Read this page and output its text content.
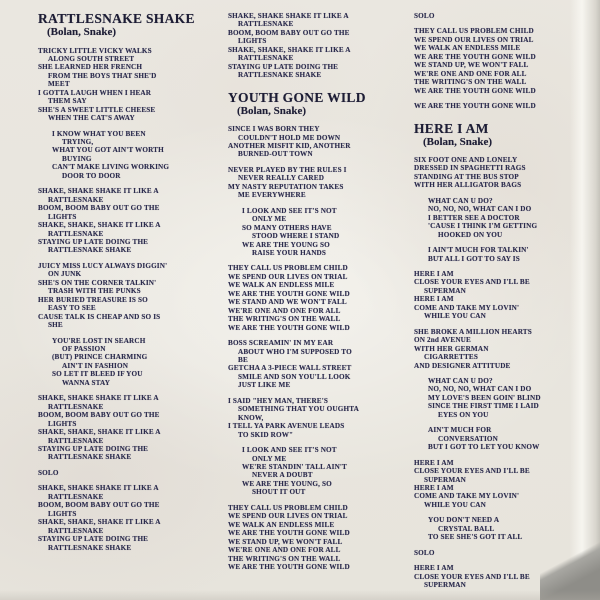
RATTLESNAKE SHAKE
(Bolan, Snake)
TRICKY LITTLE VICKY WALKS
ALONG SOUTH STREET
SHE LEARNED HER FRENCH
FROM THE BOYS THAT SHE'D
MEET
I GOTTA LAUGH WHEN I HEAR
THEM SAY
SHE'S A SWEET LITTLE CHEESE
WHEN THE CAT'S AWAY
I KNOW WHAT YOU BEEN
TRYING,
WHAT YOU GOT AIN'T WORTH
BUYING
CAN'T MAKE LIVING WORKING
DOOR TO DOOR
SHAKE, SHAKE SHAKE IT LIKE A
RATTLESNAKE
BOOM, BOOM BABY OUT GO THE
LIGHTS
SHAKE, SHAKE, SHAKE IT LIKE A
RATTLESNAKE
STAYING UP LATE DOING THE
RATTLESNAKE SHAKE
JUICY MISS LUCY ALWAYS DIGGIN'
ON JUNK
SHE'S ON THE CORNER TALKIN'
TRASH WITH THE PUNKS
HER BURIED TREASURE IS SO
EASY TO SEE
CAUSE TALK IS CHEAP AND SO IS
SHE
YOU'RE LOST IN SEARCH
OF PASSION
(BUT) PRINCE CHARMING
AIN'T IN FASHION
SO LET IT BLEED IF YOU
WANNA STAY
SHAKE, SHAKE SHAKE IT LIKE A
RATTLESNAKE
BOOM, BOOM BABY OUT GO THE
LIGHTS
SHAKE, SHAKE, SHAKE IT LIKE A
RATTLESNAKE
STAYING UP LATE DOING THE
RATTLESNAKE SHAKE
SOLO
SHAKE, SHAKE SHAKE IT LIKE A
RATTLESNAKE
BOOM, BOOM BABY OUT GO THE
LIGHTS
SHAKE, SHAKE, SHAKE IT LIKE A
RATTLESNAKE
STAYING UP LATE DOING THE
RATTLESNAKE SHAKE
SHAKE, SHAKE SHAKE IT LIKE A
RATTLESNAKE
BOOM, BOOM BABY OUT GO THE
LIGHTS
SHAKE, SHAKE, SHAKE IT LIKE A
RATTLESNAKE
STAYING UP LATE DOING THE
RATTLESNAKE SHAKE
YOUTH GONE WILD
(Bolan, Snake)
SINCE I WAS BORN THEY
COULDN'T HOLD ME DOWN
ANOTHER MISFIT KID, ANOTHER
BURNED-OUT TOWN
NEVER PLAYED BY THE RULES I
NEVER REALLY CARED
MY NASTY REPUTATION TAKES
ME EVERYWHERE
I LOOK AND SEE IT'S NOT
ONLY ME
SO MANY OTHERS HAVE
STOOD WHERE I STAND
WE ARE THE YOUNG SO
RAISE YOUR HANDS
THEY CALL US PROBLEM CHILD
WE SPEND OUR LIVES ON TRIAL
WE WALK AN ENDLESS MILE
WE ARE THE YOUTH GONE WILD
WE STAND AND WE WON'T FALL
WE'RE ONE AND ONE FOR ALL
THE WRITING'S ON THE WALL
WE ARE THE YOUTH GONE WILD
BOSS SCREAMIN' IN MY EAR
ABOUT WHO I'M SUPPOSED TO
BE
GETCHA A 3-PIECE WALL STREET
SMILE AND SON YOU'LL LOOK
JUST LIKE ME
I SAID "HEY MAN, THERE'S
SOMETHING THAT YOU OUGHTA
KNOW,
I TELL YA PARK AVENUE LEADS
TO SKID ROW"
I LOOK AND SEE IT'S NOT
ONLY ME
WE'RE STANDIN' TALL AIN'T
NEVER A DOUBT
WE ARE THE YOUNG, SO
SHOUT IT OUT
THEY CALL US PROBLEM CHILD
WE SPEND OUR LIVES ON TRIAL
WE WALK AN ENDLESS MILE
WE ARE THE YOUTH GONE WILD
WE STAND UP, WE WON'T FALL
WE'RE ONE AND ONE FOR ALL
THE WRITING'S ON THE WALL
WE ARE THE YOUTH GONE WILD
SOLO
THEY CALL US PROBLEM CHILD
WE SPEND OUR LIVES ON TRIAL
WE WALK AN ENDLESS MILE
WE ARE THE YOUTH GONE WILD
WE STAND UP, WE WON'T FALL
WE'RE ONE AND ONE FOR ALL
THE WRITING'S ON THE WALL
WE ARE THE YOUTH GONE WILD
WE ARE THE YOUTH GONE WILD
HERE I AM
(Bolan, Snake)
SIX FOOT ONE AND LONELY
DRESSED IN SPAGHETTI RAGS
STANDING AT THE BUS STOP
WITH HER ALLIGATOR BAGS
WHAT CAN U DO?
NO, NO, NO, WHAT CAN I DO
I BETTER SEE A DOCTOR
'CAUSE I THINK I'M GETTING
HOOKED ON YOU
I AIN'T MUCH FOR TALKIN'
BUT ALL I GOT TO SAY IS
HERE I AM
CLOSE YOUR EYES AND I'LL BE
SUPERMAN
HERE I AM
COME AND TAKE MY LOVIN'
WHILE YOU CAN
SHE BROKE A MILLION HEARTS
ON 2nd AVENUE
WITH HER GERMAN
CIGARRETTES
AND DESIGNER ATTITUDE
WHAT CAN U DO?
NO, NO, NO, WHAT CAN I DO
MY LOVE'S BEEN GOIN' BLIND
SINCE THE FIRST TIME I LAID
EYES ON YOU
AIN'T MUCH FOR
CONVERSATION
BUT I GOT TO LET YOU KNOW
HERE I AM
CLOSE YOUR EYES AND I'LL BE
SUPERMAN
HERE I AM
COME AND TAKE MY LOVIN'
WHILE YOU CAN
YOU DON'T NEED A
CRYSTAL BALL
TO SEE SHE'S GOT IT ALL
SOLO
HERE I AM
CLOSE YOUR EYES AND I'LL BE
SUPERMAN
